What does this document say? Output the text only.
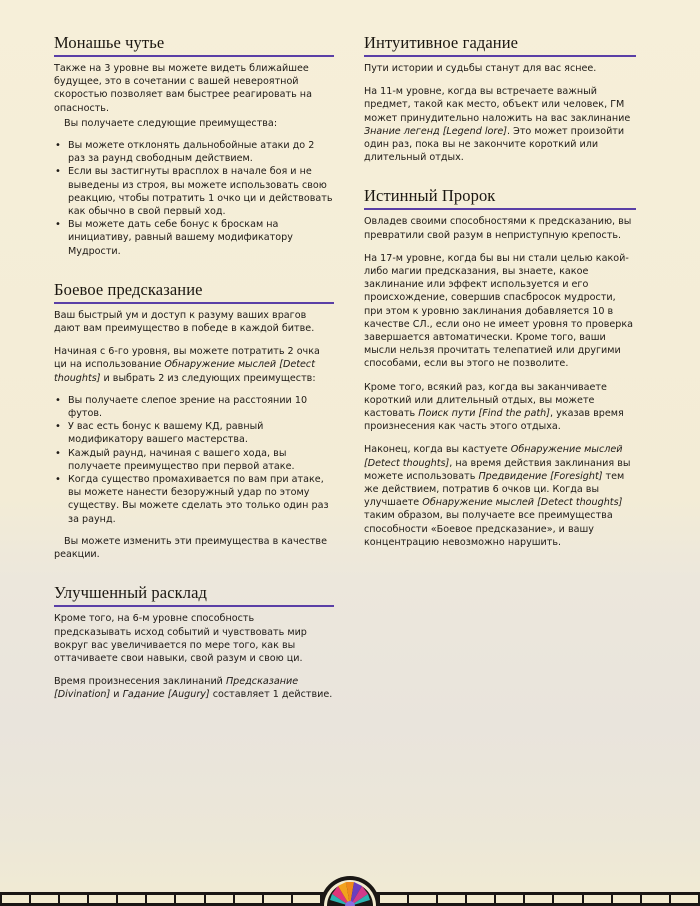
Монашье чутье

Также на 3 уровне вы можете видеть ближайшее будущее, это в сочетании с вашей невероятной скоростью позволяет вам быстрее реагировать на опасность.

Вы получаете следующие преимущества:

• Вы можете отклонять дальнобойные атаки до 2 раз за раунд свободным действием.
• Если вы застигнуты врасплох в начале боя и не выведены из строя, вы можете использовать свою реакцию, чтобы потратить 1 очко ци и действовать как обычно в свой первый ход.
• Вы можете дать себе бонус к броскам на инициативу, равный вашему модификатору Мудрости.
Боевое предсказание

Ваш быстрый ум и доступ к разуму ваших врагов дают вам преимущество в победе в каждой битве.

Начиная с 6-го уровня, вы можете потратить 2 очка ци на использование Обнаружение мыслей [Detect thoughts] и выбрать 2 из следующих преимуществ:

• Вы получаете слепое зрение на расстоянии 10 футов.
• У вас есть бонус к вашему КД, равный модификатору вашего мастерства.
• Каждый раунд, начиная с вашего хода, вы получаете преимущество при первой атаке.
• Когда существо промахивается по вам при атаке, вы можете нанести безоружный удар по этому существу. Вы можете сделать это только один раз за раунд.

Вы можете изменить эти преимущества в качестве реакции.

Улучшенный расклад

Кроме того, на 6-м уровне способность предсказывать исход событий и чувствовать мир вокруг вас увеличивается по мере того, как вы оттачиваете свои навыки, свой разум и свою ци.

Время произнесения заклинаний Предсказание [Divination] и Гадание [Augury] составляет 1 действие.

Интуитивное гадание

Пути истории и судьбы станут для вас яснее.

На 11-м уровне, когда вы встречаете важный предмет, такой как место, объект или человек, ГМ может принудительно наложить на вас заклинание Знание легенд [Legend lore]. Это может произойти один раз, пока вы не закончите короткий или длительный отдых.

Истинный Пророк

Овладев своими способностями к предсказанию, вы превратили свой разум в неприступную крепость.

На 17-м уровне, когда бы вы ни стали целью какой-либо магии предсказания, вы знаете, какое заклинание или эффект используется и его происхождение, совершив спасбросок мудрости, при этом к уровню заклинания добавляется 10 в качестве СЛ., если оно не имеет уровня то проверка завершается автоматически. Кроме того, ваши мысли нельзя прочитать телепатией или другими способами, если вы этого не позволите.

Кроме того, всякий раз, когда вы заканчиваете короткий или длительный отдых, вы можете кастовать Поиск пути [Find the path], указав время произнесения как часть этого отдыха.

Наконец, когда вы кастуете Обнаружение мыслей [Detect thoughts], на время действия заклинания вы можете использовать Предвидение [Foresight] тем же действием, потратив 6 очков ци. Когда вы улучшаете Обнаружение мыслей [Detect thoughts] таким образом, вы получаете все преимущества способности «Боевое предсказание», и вашу концентрацию невозможно нарушить.
